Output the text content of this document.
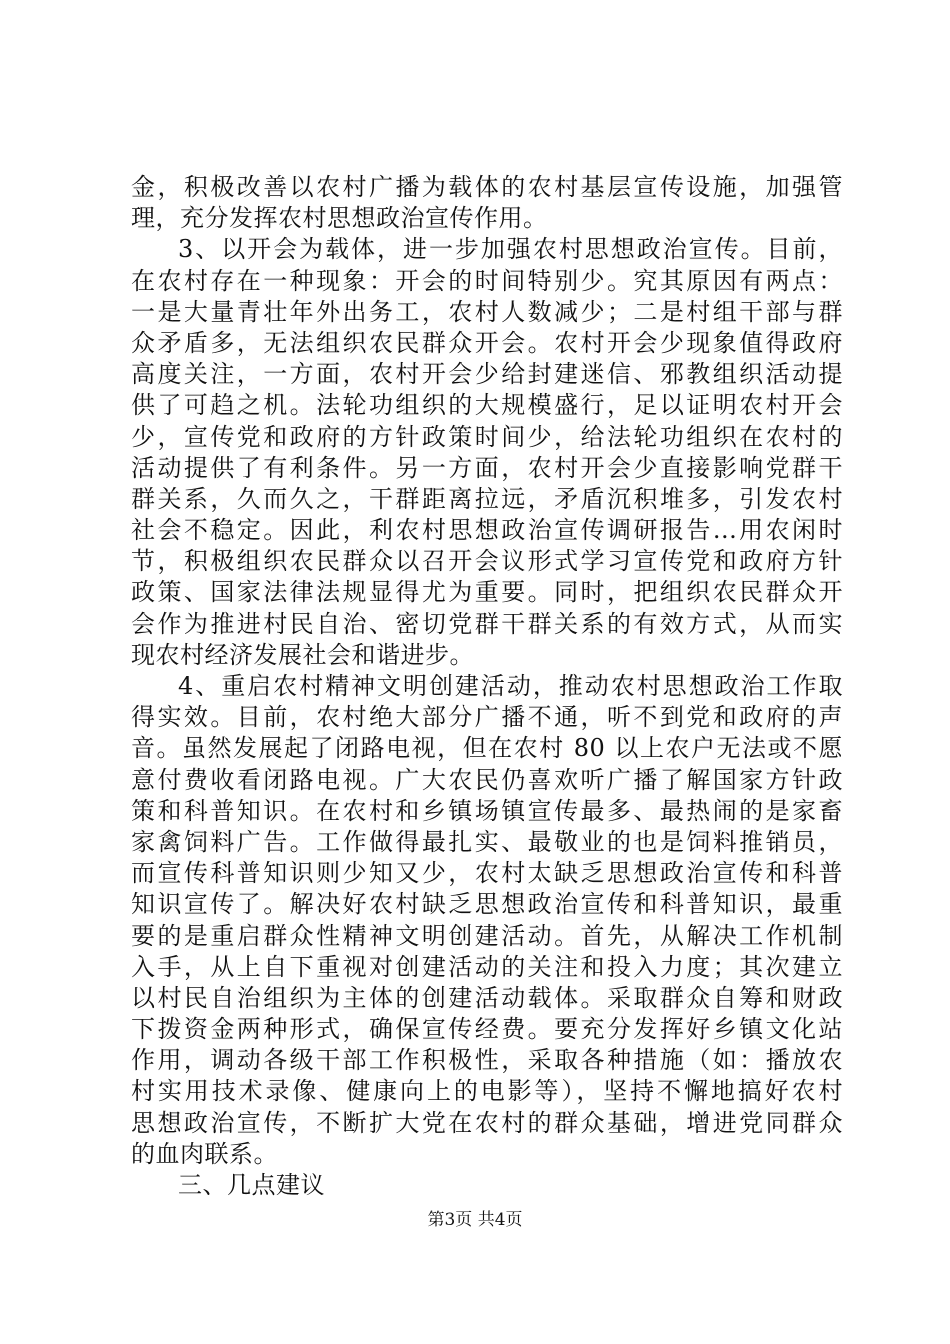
金，积极改善以农村广播为载体的农村基层宣传设施，加强管
理，充分发挥农村思想政治宣传作用。
3、以开会为载体，进一步加强农村思想政治宣传。目前，
在农村存在一种现象：开会的时间特别少。究其原因有两点：
一是大量青壮年外出务工，农村人数减少；二是村组干部与群
众矛盾多，无法组织农民群众开会。农村开会少现象值得政府
高度关注，一方面，农村开会少给封建迷信、邪教组织活动提
供了可趋之机。法轮功组织的大规模盛行，足以证明农村开会
少，宣传党和政府的方针政策时间少，给法轮功组织在农村的
活动提供了有利条件。另一方面，农村开会少直接影响党群干
群关系，久而久之，干群距离拉远，矛盾沉积堆多，引发农村
社会不稳定。因此，利农村思想政治宣传调研报告...用农闲时
节，积极组织农民群众以召开会议形式学习宣传党和政府方针
政策、国家法律法规显得尤为重要。同时，把组织农民群众开
会作为推进村民自治、密切党群干群关系的有效方式，从而实
现农村经济发展社会和谐进步。
4、重启农村精神文明创建活动，推动农村思想政治工作取
得实效。目前，农村绝大部分广播不通，听不到党和政府的声
音。虽然发展起了闭路电视，但在农村 80 以上农户无法或不愿
意付费收看闭路电视。广大农民仍喜欢听广播了解国家方针政
策和科普知识。在农村和乡镇场镇宣传最多、最热闹的是家畜
家禽饲料广告。工作做得最扎实、最敬业的也是饲料推销员，
而宣传科普知识则少知又少，农村太缺乏思想政治宣传和科普
知识宣传了。解决好农村缺乏思想政治宣传和科普知识，最重
要的是重启群众性精神文明创建活动。首先，从解决工作机制
入手，从上自下重视对创建活动的关注和投入力度；其次建立
以村民自治组织为主体的创建活动载体。采取群众自筹和财政
下拨资金两种形式，确保宣传经费。要充分发挥好乡镇文化站
作用，调动各级干部工作积极性，采取各种措施（如：播放农
村实用技术录像、健康向上的电影等），坚持不懈地搞好农村
思想政治宣传，不断扩大党在农村的群众基础，增进党同群众
的血肉联系。
三、几点建议
第3页 共4页
